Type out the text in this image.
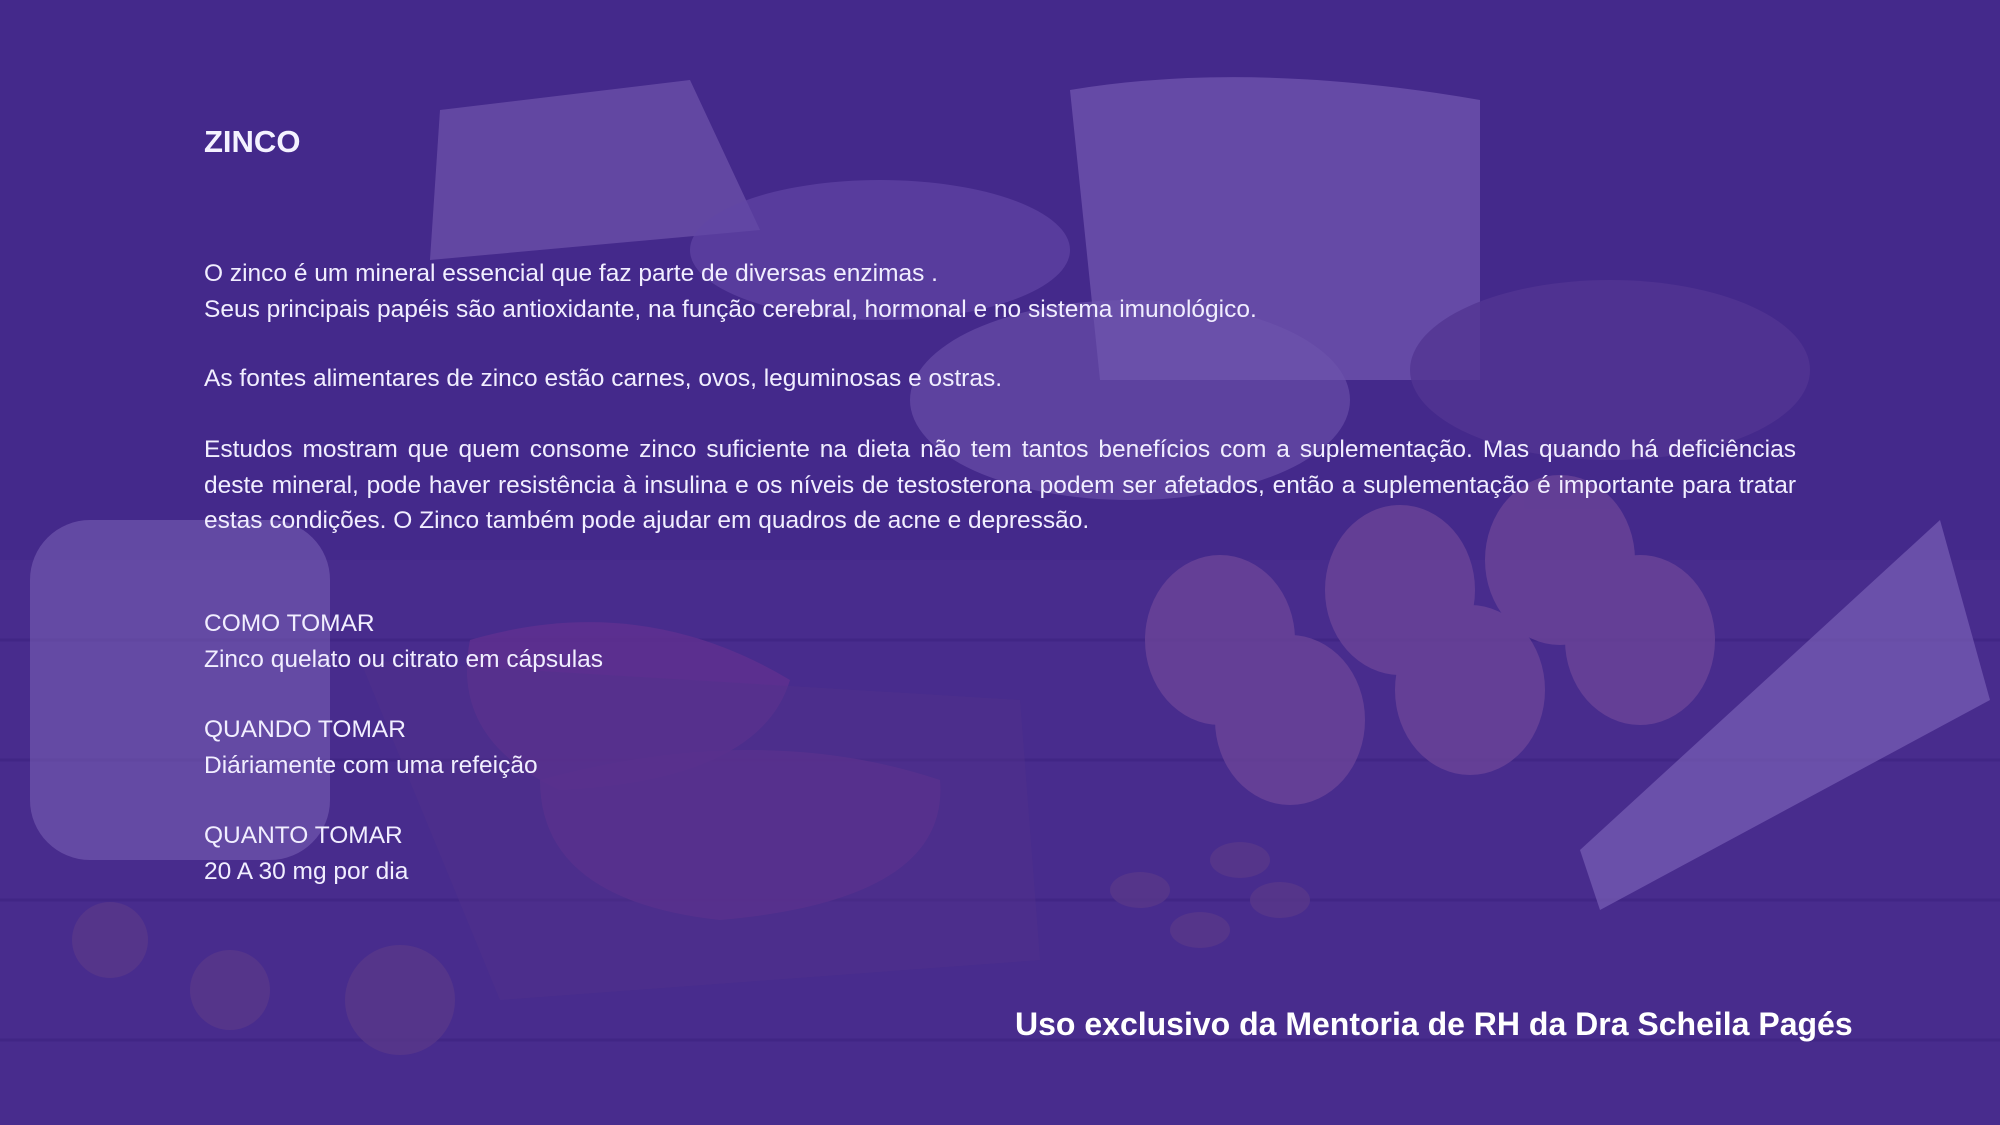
ZINCO

O zinco é um mineral essencial que faz parte de diversas enzimas .
Seus principais papéis são antioxidante, na função cerebral, hormonal e no sistema imunológico.

As fontes alimentares de zinco estão carnes, ovos, leguminosas e ostras.

Estudos mostram que quem consome zinco suficiente na dieta não tem tantos benefícios com a suplementação. Mas quando há deficiências deste mineral, pode haver resistência à insulina e os níveis de testosterona podem ser afetados, então a suplementação é importante para tratar estas condições. O Zinco também pode ajudar em quadros de acne e depressão.

COMO TOMAR
Zinco quelato ou citrato em cápsulas

QUANDO TOMAR
Diáriamente com uma refeição

QUANTO TOMAR
20 A 30 mg por dia

Uso exclusivo da Mentoria de RH da Dra Scheila Pagés
